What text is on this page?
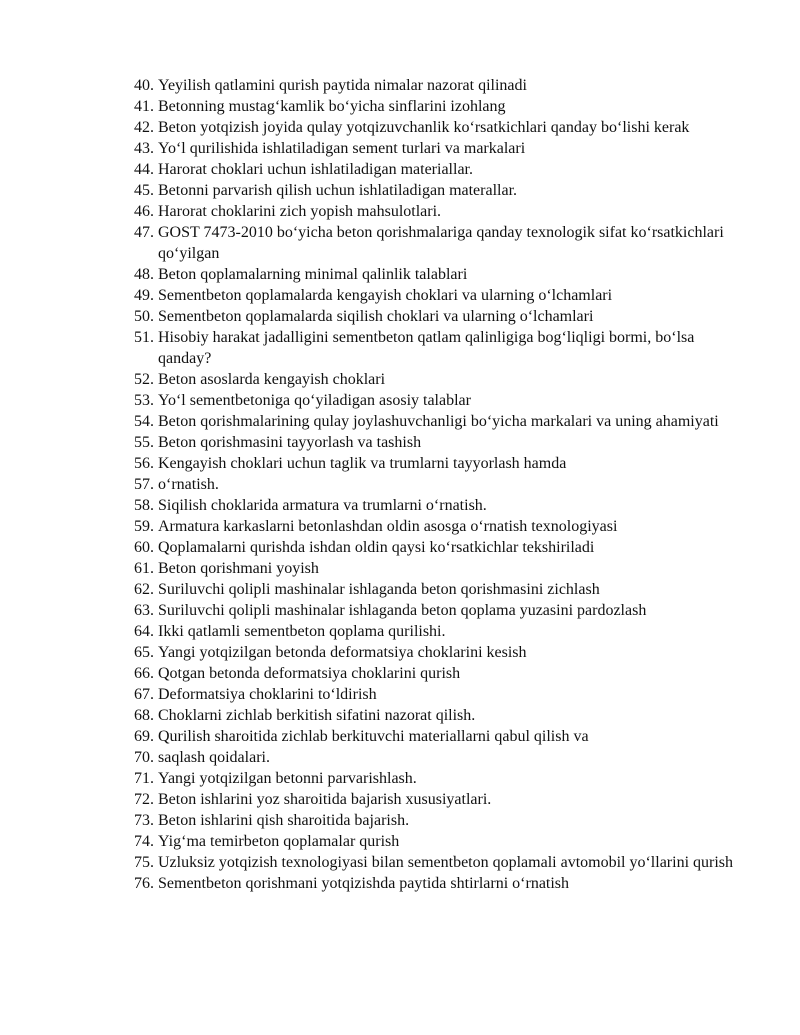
40. Yeyilish qatlamini qurish paytida nimalar nazorat qilinadi
41. Betonning mustag‘kamlik bo‘yicha sinflarini izohlang
42. Beton yotqizish joyida qulay yotqizuvchanlik ko‘rsatkichlari qanday bo‘lishi kerak
43. Yo‘l qurilishida ishlatiladigan sement turlari va markalari
44. Harorat choklari uchun ishlatiladigan materiallar.
45. Betonni parvarish qilish uchun ishlatiladigan materallar.
46. Harorat choklarini zich yopish mahsulotlari.
47. GOST 7473-2010 bo‘yicha beton qorishmalariga qanday texnologik sifat ko‘rsatkichlari qo‘yilgan
48. Beton qoplamalarning minimal qalinlik talablari
49. Sementbeton qoplamalarda kengayish choklari va ularning o‘lchamlari
50. Sementbeton qoplamalarda siqilish choklari va ularning o‘lchamlari
51. Hisobiy harakat jadalligini sementbeton qatlam qalinligiga bog‘liqligi bormi, bo‘lsa qanday?
52. Beton asoslarda kengayish choklari
53. Yo‘l sementbetoniga qo‘yiladigan asosiy talablar
54. Beton qorishmalarining qulay joylashuvchanligi bo‘yicha markalari va uning ahamiyati
55. Beton qorishmasini tayyorlash va tashish
56. Kengayish choklari uchun taglik va trumlarni tayyorlash hamda
57. o‘rnatish.
58. Siqilish choklarida armatura va trumlarni o‘rnatish.
59. Armatura karkaslarni betonlashdan oldin asosga o‘rnatish texnologiyasi
60. Qoplamalarni qurishda ishdan oldin qaysi ko‘rsatkichlar tekshiriladi
61. Beton qorishmani yoyish
62. Suriluvchi qolipli mashinalar ishlaganda beton qorishmasini zichlash
63. Suriluvchi qolipli mashinalar ishlaganda beton qoplama yuzasini pardozlash
64. Ikki qatlamli sementbeton qoplama qurilishi.
65. Yangi yotqizilgan betonda deformatsiya choklarini kesish
66. Qotgan betonda deformatsiya choklarini qurish
67. Deformatsiya choklarini to‘ldirish
68. Choklarni zichlab berkitish sifatini nazorat qilish.
69. Qurilish sharoitida zichlab berkituvchi materiallarni qabul qilish va
70. saqlash qoidalari.
71. Yangi yotqizilgan betonni parvarishlash.
72. Beton ishlarini yoz sharoitida bajarish xususiyatlari.
73. Beton ishlarini qish sharoitida bajarish.
74. Yig‘ma temirbeton qoplamalar qurish
75. Uzluksiz yotqizish texnologiyasi bilan sementbeton qoplamali avtomobil yo‘llarini qurish
76. Sementbeton qorishmani yotqizishda paytida shtirlarni o‘rnatish
